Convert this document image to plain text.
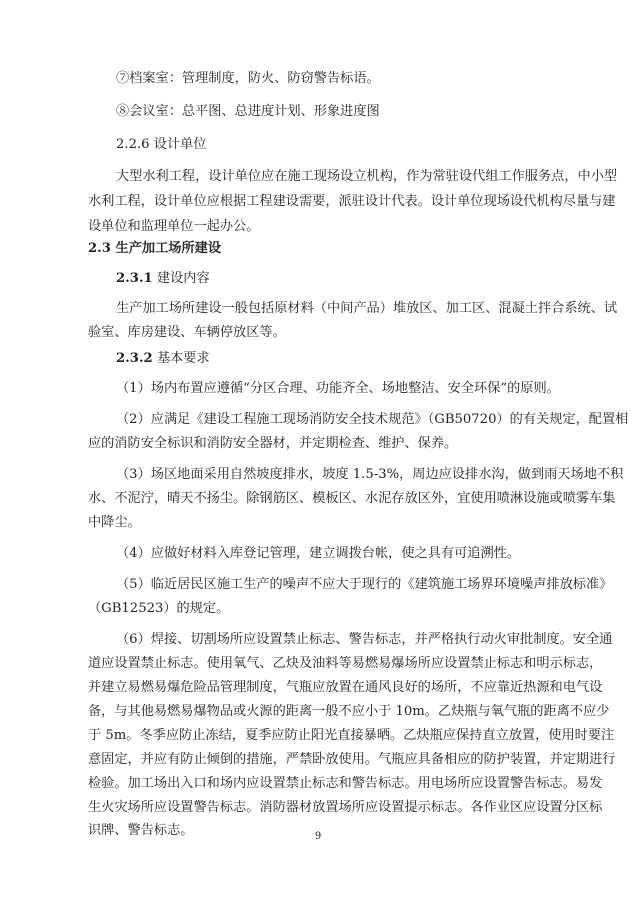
⑦档案室：管理制度，防火、防窃警告标语。

⑧会议室：总平图、总进度计划、形象进度图

2.2.6 设计单位

大型水利工程，设计单位应在施工现场设立机构，作为常驻设代组工作服务点，中小型

水利工程，设计单位应根据工程建设需要，派驻设计代表。设计单位现场设代机构尽量与建

设单位和监理单位一起办公。

2.3 生产加工场所建设

2.3.1 建设内容

生产加工场所建设一般包括原材料（中间产品）堆放区、加工区、混凝土拌合系统、试

验室、库房建设、车辆停放区等。

2.3.2 基本要求

（1）场内布置应遵循“分区合理、功能齐全、场地整洁、安全环保”的原则。

（2）应满足《建设工程施工现场消防安全技术规范》（GB50720）的有关规定，配置相

应的消防安全标识和消防安全器材，并定期检查、维护、保养。

（3）场区地面采用自然坡度排水，坡度 1.5-3%，周边应设排水沟，做到雨天场地不积

水、不泥泞，晴天不扬尘。除钢筋区、模板区、水泥存放区外，宜使用喷淋设施或喷雾车集

中降尘。

（4）应做好材料入库登记管理，建立调拨台帐，使之具有可追溯性。

（5）临近居民区施工生产的噪声不应大于现行的《建筑施工场界环境噪声排放标准》

（GB12523）的规定。

（6）焊接、切割场所应设置禁止标志、警告标志，并严格执行动火审批制度。安全通

道应设置禁止标志。使用氧气、乙炔及油料等易燃易爆场所应设置禁止标志和明示标志，

并建立易燃易爆危险品管理制度，气瓶应放置在通风良好的场所，不应靠近热源和电气设

备，与其他易燃易爆物品或火源的距离一般不应小于 10m。乙炔瓶与氧气瓶的距离不应少

于 5m。冬季应防止冻结，夏季应防止阳光直接暴晒。乙炔瓶应保持直立放置，使用时要注

意固定，并应有防止倾倒的措施，严禁卧放使用。气瓶应具备相应的防护装置，并定期进行

检验。加工场出入口和场内应设置禁止标志和警告标志。用电场所应设置警告标志。易发

生火灾场所应设置警告标志。消防器材放置场所应设置提示标志。各作业区应设置分区标

识牌、警告标志。	9
